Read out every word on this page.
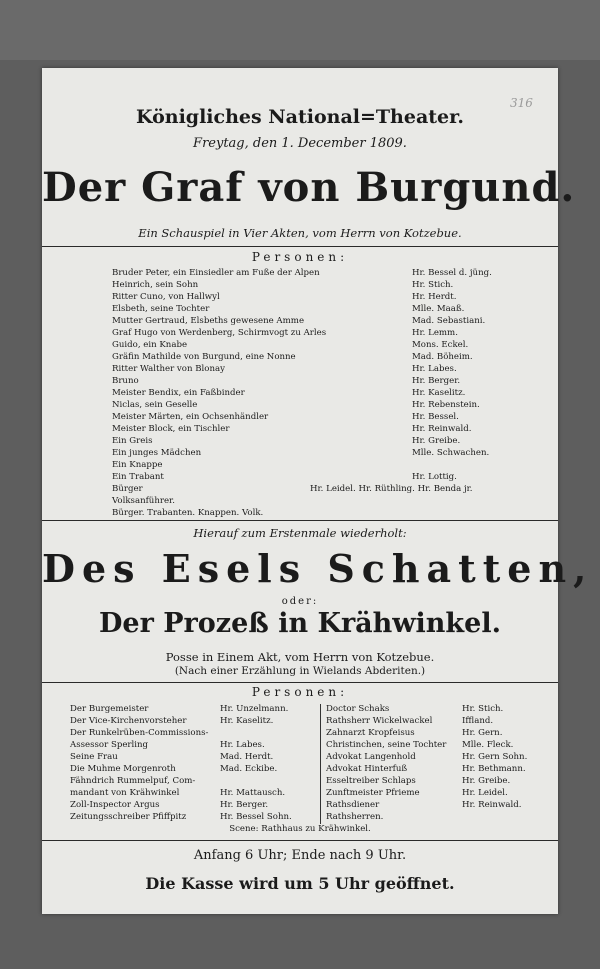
316
Königliches National=Theater.
Freytag, den 1. December 1809.
Der Graf von Burgund.
Ein Schauspiel in Vier Akten, vom Herrn von Kotzebue.
Personen:
Bruder Peter, ein Einsiedler am Fuße der Alpen	Hr. Bessel d. jüng.
Heinrich, sein Sohn	Hr. Stich.
Ritter Cuno, von Hallwyl	Hr. Herdt.
Elsbeth, seine Tochter	Mlle. Maaß.
Mutter Gertraud, Elsbeths gewesene Amme	Mad. Sebastiani.
Graf Hugo von Werdenberg, Schirmvogt zu Arles	Hr. Lemm.
Guido, ein Knabe	Mons. Eckel.
Gräfin Mathilde von Burgund, eine Nonne	Mad. Böheim.
Ritter Walther von Blonay	Hr. Labes.
Bruno	Hr. Berger.
Meister Bendix, ein Faßbinder	Hr. Kaselitz.
Niclas, sein Geselle	Hr. Rebenstein.
Meister Märten, ein Ochsenhändler	Hr. Bessel.
Meister Block, ein Tischler	Hr. Reinwald.
Ein Greis	Hr. Greibe.
Ein junges Mädchen	Mlle. Schwachen.
Ein Knappe
Ein Trabant	Hr. Lottig.
Bürger	Hr. Leidel. Hr. Rüthling. Hr. Benda jr.
Volksanführer.
Bürger. Trabanten. Knappen. Volk.
Hierauf zum Erstenmale wiederholt:
Des Esels Schatten,
oder:
Der Prozeß in Krähwinkel.
Posse in Einem Akt, vom Herrn von Kotzebue.
(Nach einer Erzählung in Wielands Abderiten.)
Personen:
Der Burgemeister	Hr. Unzelmann.
Der Vice-Kirchenvorsteher	Hr. Kaselitz.
Der Runkelrüben-Commissions-
Assessor Sperling	Hr. Labes.
Seine Frau	Mad. Herdt.
Die Muhme Morgenroth	Mad. Eckibe.
Fähndrich Rummelpuf, Com-
mandant von Krähwinkel	Hr. Mattausch.
Zoll-Inspector Argus	Hr. Berger.
Zeitungsschreiber Pfiffpitz	Hr. Bessel Sohn.
Doctor Schaks	Hr. Stich.
Rathsherr Wickelwackel	Iffland.
Zahnarzt Kropfeisus	Hr. Gern.
Christinchen, seine Tochter Mlle. Fleck.
Advokat Langenhold	Hr. Gern Sohn.
Advokat Hinterfuß	Hr. Bethmann.
Esseltreiber Schlaps	Hr. Greibe.
Zunftmeister Pfrieme	Hr. Leidel.
Rathsdiener	Hr. Reinwald.
Rathsherren.
Scene: Rathhaus zu Krähwinkel.
Anfang 6 Uhr; Ende nach 9 Uhr.
Die Kasse wird um 5 Uhr geöffnet.
